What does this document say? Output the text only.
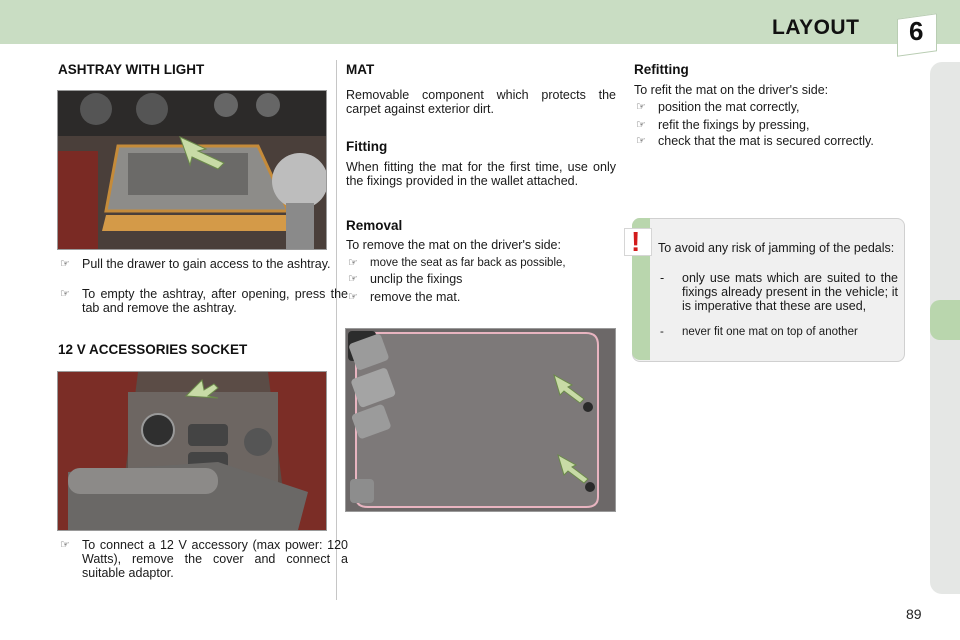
LAYOUT 6
ASHTRAY WITH LIGHT
☞ Pull the drawer to gain access to the ashtray.
☞ To empty the ashtray, after opening, press the tab and remove the ashtray.
12 V ACCESSORIES SOCKET
☞ To connect a 12 V accessory (max power: 120 Watts), remove the cover and connect a suitable adaptor.
MAT
Removable component which protects the carpet against exterior dirt.
Fitting
When fitting the mat for the first time, use only the fixings provided in the wallet attached.
Removal
To remove the mat on the driver's side:
☞ move the seat as far back as possible,
☞ unclip the fixings
☞ remove the mat.
Refitting
To refit the mat on the driver's side:
☞ position the mat correctly,
☞ refit the fixings by pressing,
☞ check that the mat is secured correctly.
! To avoid any risk of jamming of the pedals:
- only use mats which are suited to the fixings already present in the vehicle; it is imperative that these are used,
- never fit one mat on top of another
89
